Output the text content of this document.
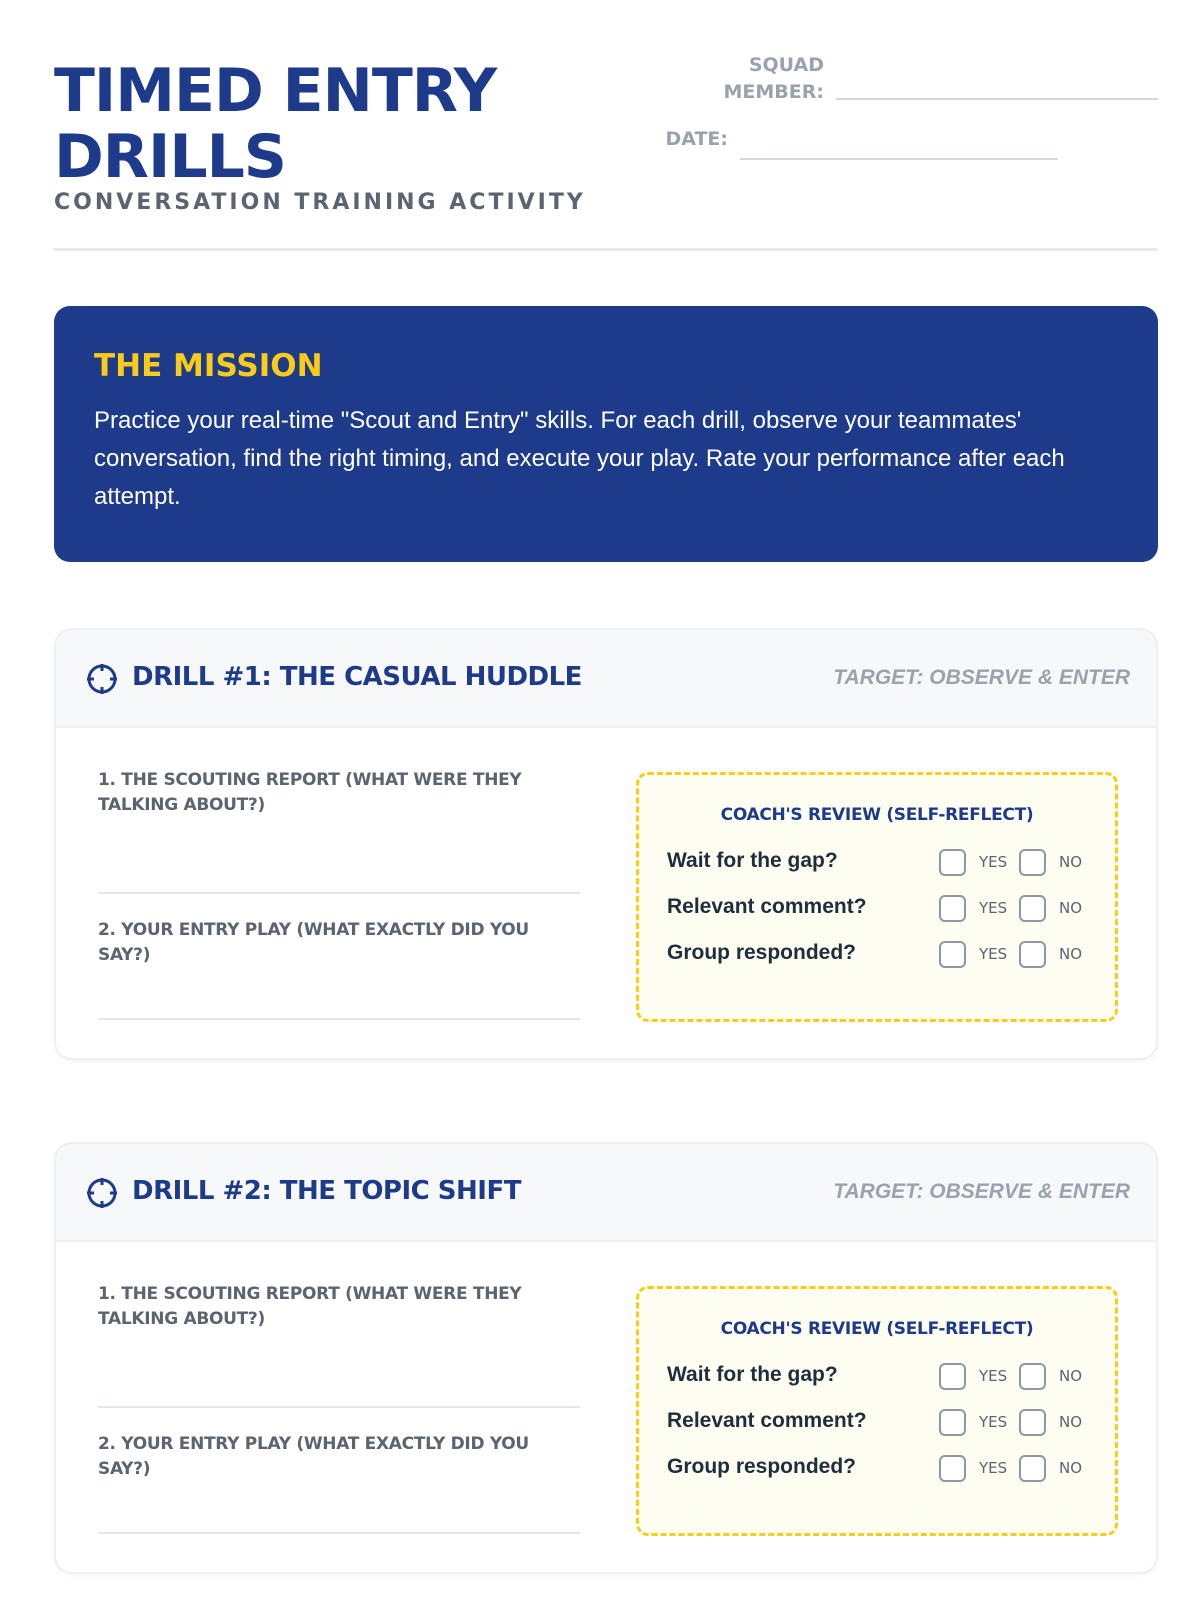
TIMED ENTRY
DRILLS
CONVERSATION TRAINING ACTIVITY
SQUAD
MEMBER:
DATE:
THE MISSION
Practice your real-time "Scout and Entry" skills. For each drill, observe your teammates' conversation, find the right timing, and execute your play. Rate your performance after each attempt.
DRILL #1: THE CASUAL HUDDLE	TARGET: OBSERVE & ENTER
1. THE SCOUTING REPORT (WHAT WERE THEY TALKING ABOUT?)
2. YOUR ENTRY PLAY (WHAT EXACTLY DID YOU SAY?)
COACH'S REVIEW (SELF-REFLECT)
Wait for the gap?	YES	NO
Relevant comment?	YES	NO
Group responded?	YES	NO
DRILL #2: THE TOPIC SHIFT	TARGET: OBSERVE & ENTER
1. THE SCOUTING REPORT (WHAT WERE THEY TALKING ABOUT?)
2. YOUR ENTRY PLAY (WHAT EXACTLY DID YOU SAY?)
COACH'S REVIEW (SELF-REFLECT)
Wait for the gap?	YES	NO
Relevant comment?	YES	NO
Group responded?	YES	NO
